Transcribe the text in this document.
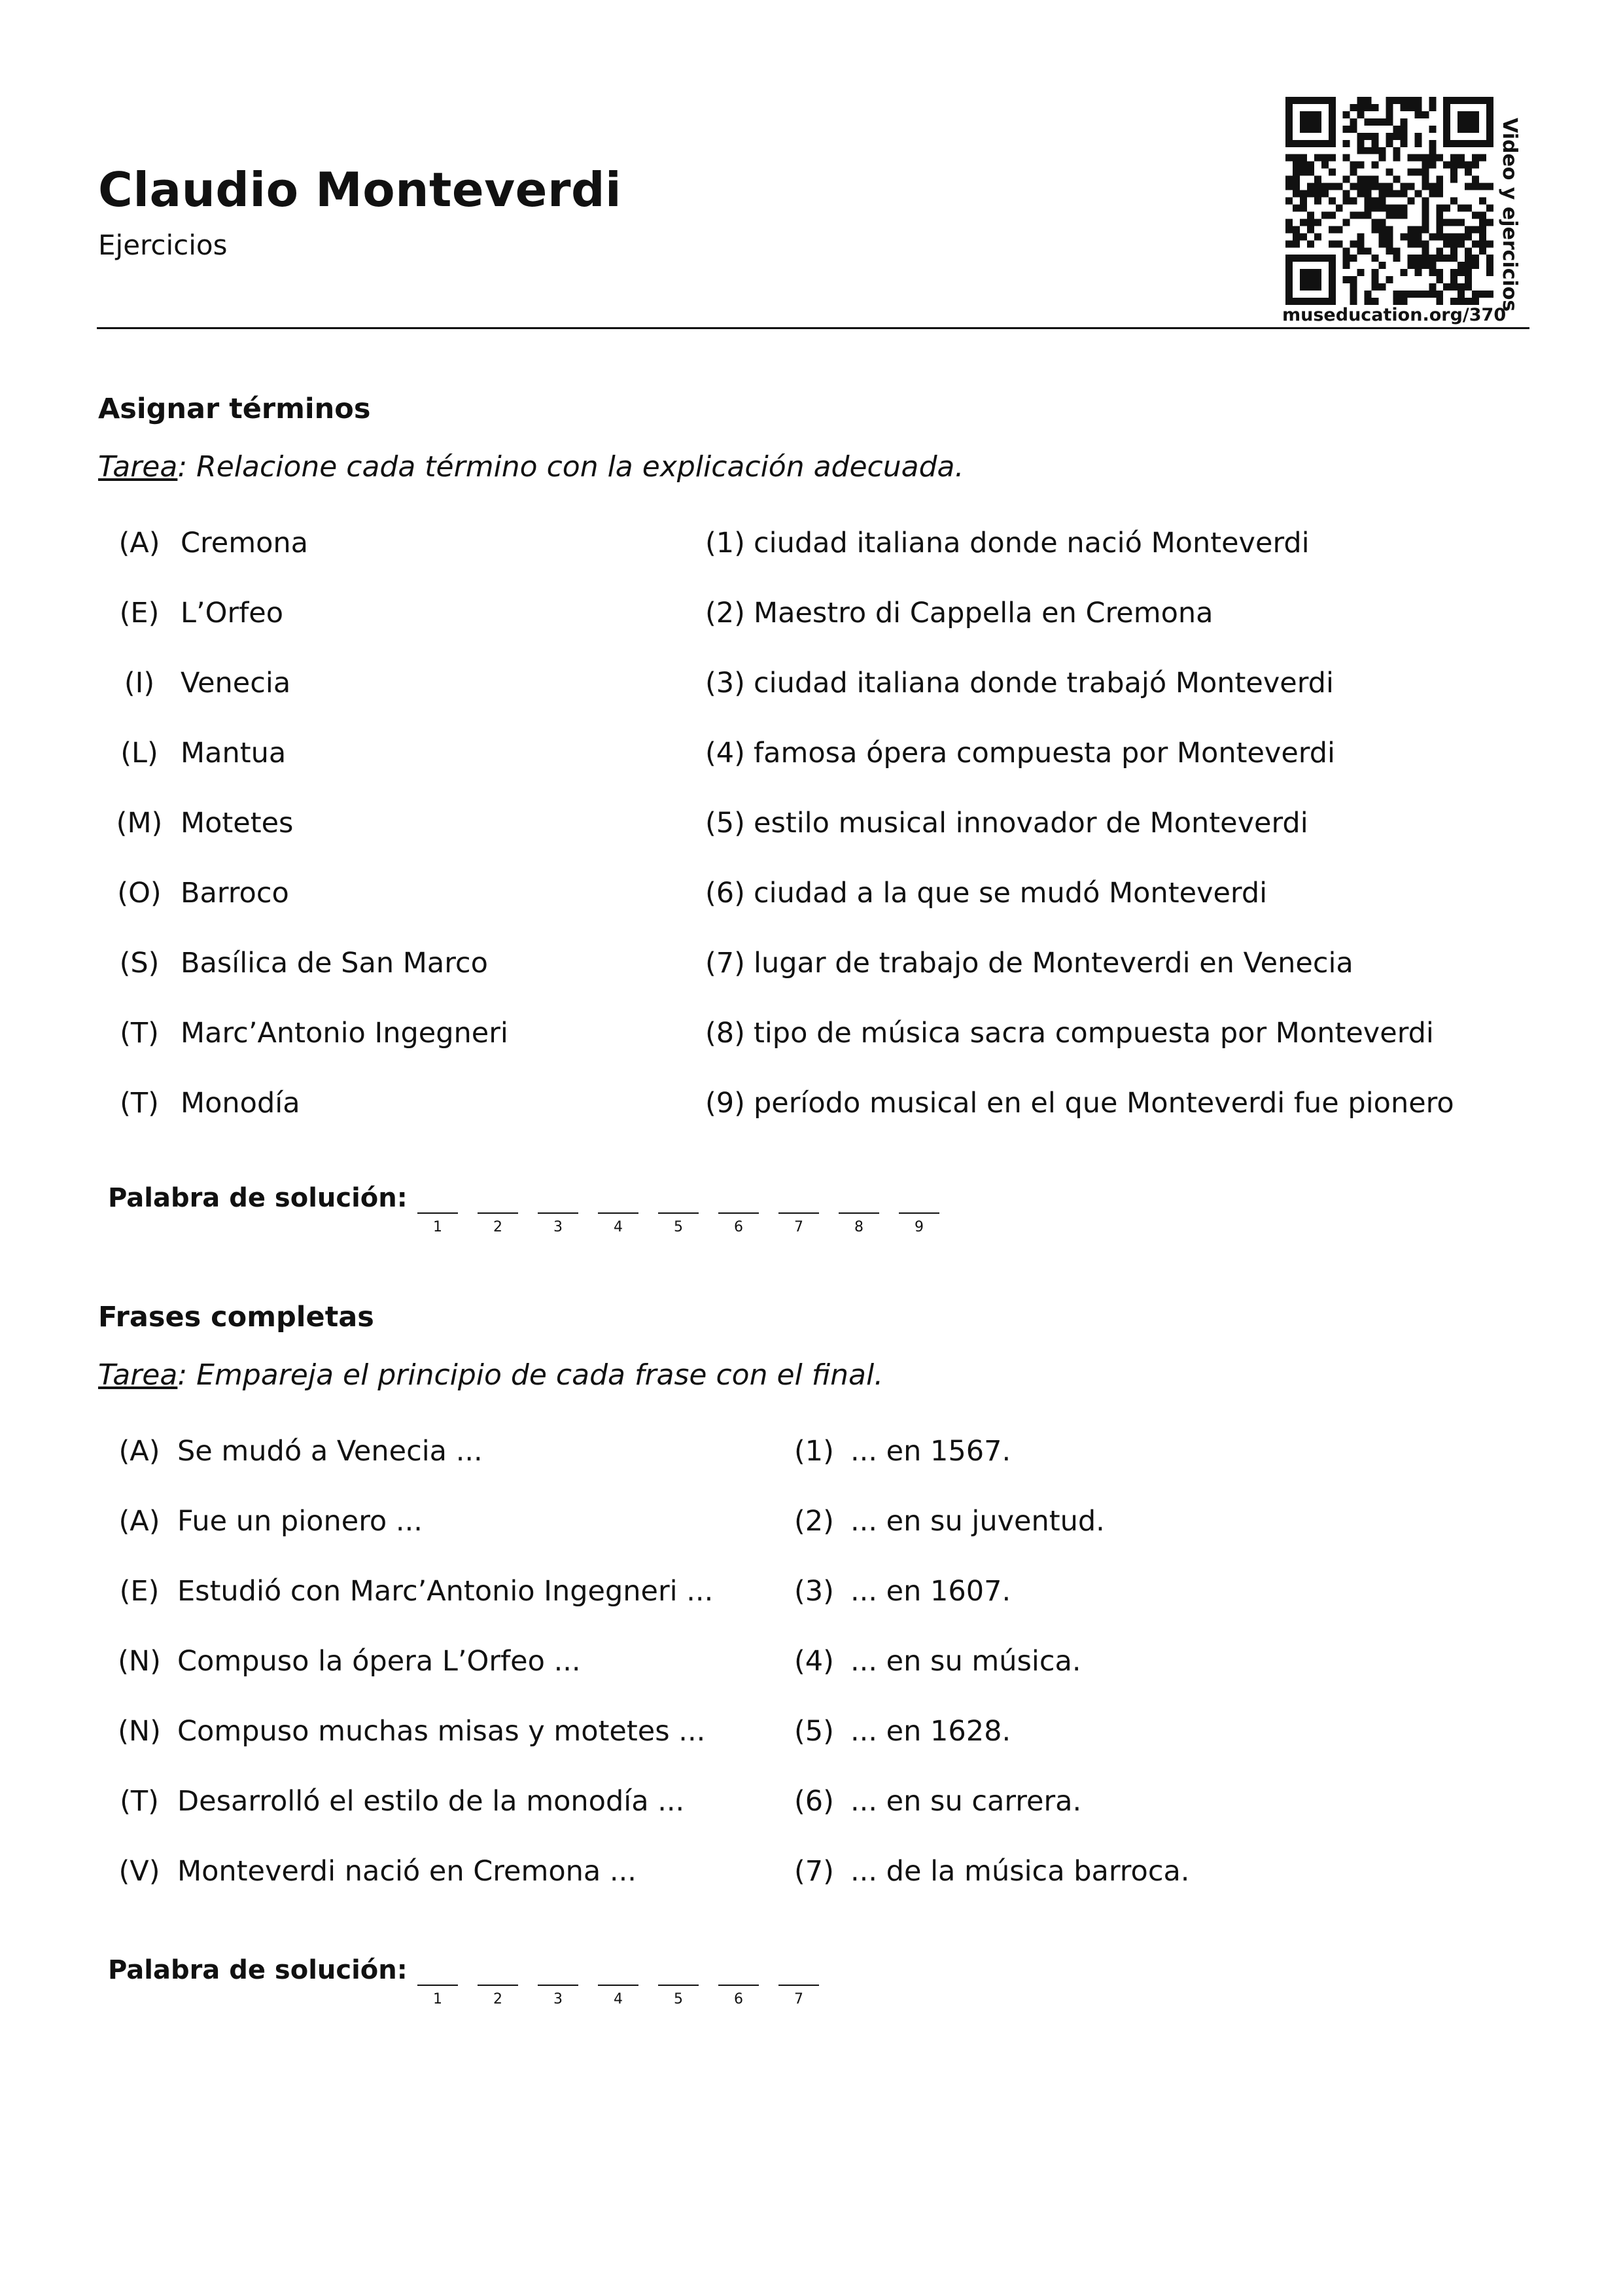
Claudio Monteverdi
Ejercicios
museducation.org/370
Video y ejercicios
Asignar términos
Tarea: Relacione cada término con la explicación adecuada.
(A) Cremona	(1) ciudad italiana donde nació Monteverdi
(E) L’Orfeo	(2) Maestro di Cappella en Cremona
(I) Venecia	(3) ciudad italiana donde trabajó Monteverdi
(L) Mantua	(4) famosa ópera compuesta por Monteverdi
(M) Motetes	(5) estilo musical innovador de Monteverdi
(O) Barroco	(6) ciudad a la que se mudó Monteverdi
(S) Basílica de San Marco	(7) lugar de trabajo de Monteverdi en Venecia
(T) Marc’Antonio Ingegneri	(8) tipo de música sacra compuesta por Monteverdi
(T) Monodía	(9) período musical en el que Monteverdi fue pionero
Palabra de solución:
1	2	3	4	5	6	7	8	9
Frases completas
Tarea: Empareja el principio de cada frase con el final.
(A) Se mudó a Venecia ...	(1) ... en 1567.
(A) Fue un pionero ...	(2) ... en su juventud.
(E) Estudió con Marc’Antonio Ingegneri ...	(3) ... en 1607.
(N) Compuso la ópera L’Orfeo ...	(4) ... en su música.
(N) Compuso muchas misas y motetes ...	(5) ... en 1628.
(T) Desarrolló el estilo de la monodía ...	(6) ... en su carrera.
(V) Monteverdi nació en Cremona ...	(7) ... de la música barroca.
Palabra de solución:
1	2	3	4	5	6	7
